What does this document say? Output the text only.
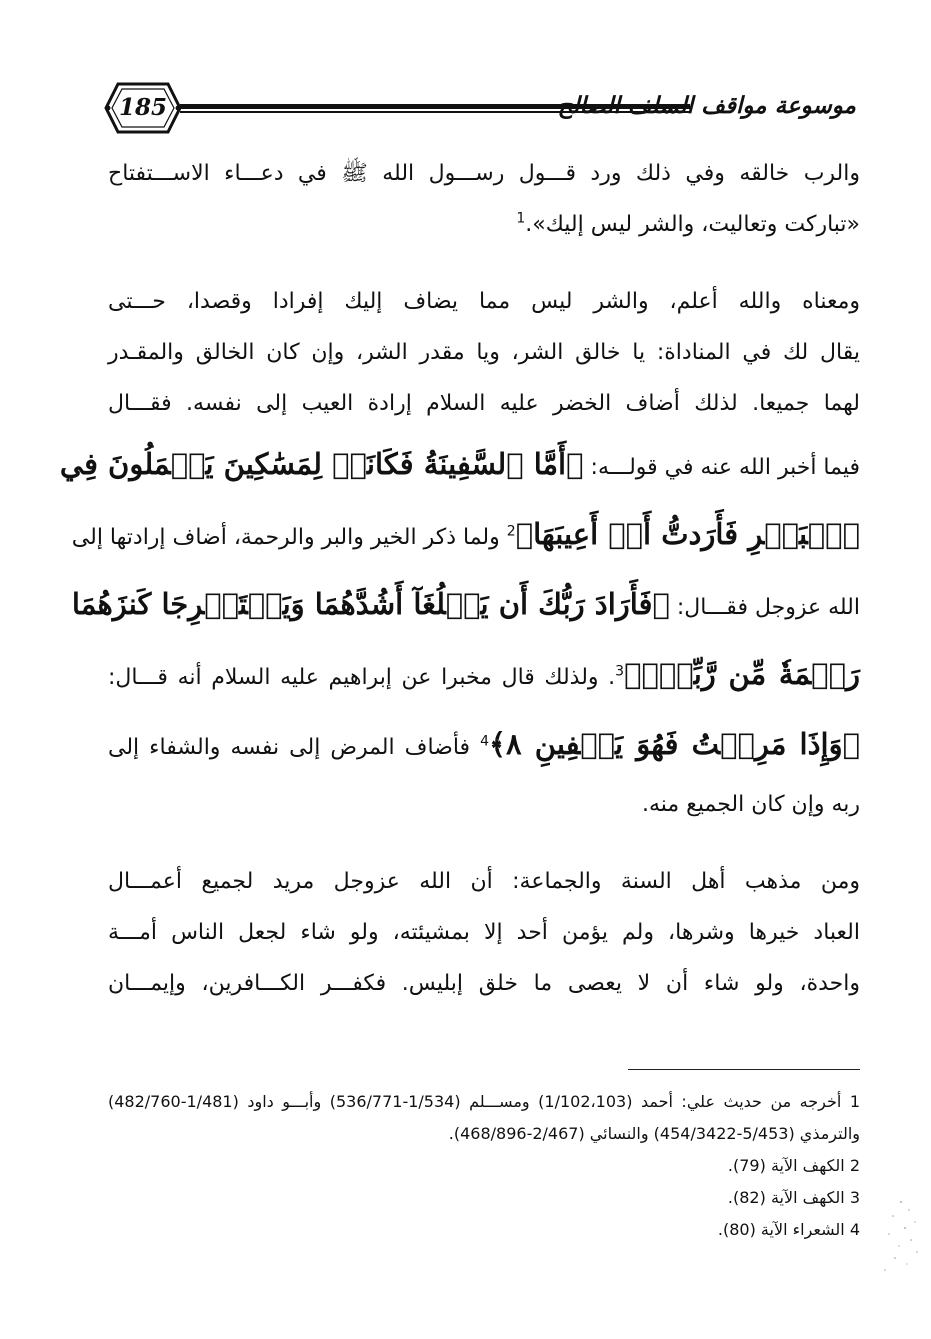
185	موسوعة مواقف السلف الصالح
والرب خالقه وفي ذلك ورد قـــول رســـول الله ﷺ في دعـــاء الاســـتفتاح
«تباركت وتعاليت، والشر ليس إليك».$^1$
ومعناه والله أعلم، والشر ليس مما يضاف إليك إفرادا وقصدا، حـــتى
يقال لك في المناداة: يا خالق الشر، ويا مقدر الشر، وإن كان الخالق والمقـدر
لهما جميعا. لذلك أضاف الخضر عليه السلام إرادة العيب إلى نفسه. فقـــال
فيما أخبر الله عنه في قولـــه: ﴿أَمَّا ٱلسَّفِينَةُ فَكَانَتۡ لِمَسَٰكِينَ يَعۡمَلُونَ فِي
ٱلۡبَحۡرِ فَأَرَدتُّ أَنۡ أَعِيبَهَا﴾$^2$ ولما ذكر الخير والبر والرحمة، أضاف إرادتها إلى
الله عزوجل فقـــال: ﴿فَأَرَادَ رَبُّكَ أَن يَبۡلُغَآ أَشُدَّهُمَا وَيَسۡتَخۡرِجَا كَنزَهُمَا
رَحۡمَةٗ مِّن رَّبِّكَۚ﴾$^3$. ولذلك قال مخبرا عن إبراهيم عليه السلام أنه قـــال:
﴿وَإِذَا مَرِضۡتُ فَهُوَ يَشۡفِينِ ٨﴾$^4$ فأضاف المرض إلى نفسه والشفاء إلى
ربه وإن كان الجميع منه.
ومن مذهب أهل السنة والجماعة: أن الله عزوجل مريد لجميع أعمـــال
العباد خيرها وشرها، ولم يؤمن أحد إلا بمشيئته، ولو شاء لجعل الناس أمـــة
واحدة، ولو شاء أن لا يعصى ما خلق إبليس. فكفـــر الكـــافرين، وإيمـــان
1 أخرجه من حديث علي: أحمد (1/102،103) ومســـلم (1/534-536/771) وأبـــو داود (1/481-482/760)
والترمذي (5/453-454/3422) والنسائي (2/467-468/896).
2 الكهف الآية (79).
3 الكهف الآية (82).
4 الشعراء الآية (80).
